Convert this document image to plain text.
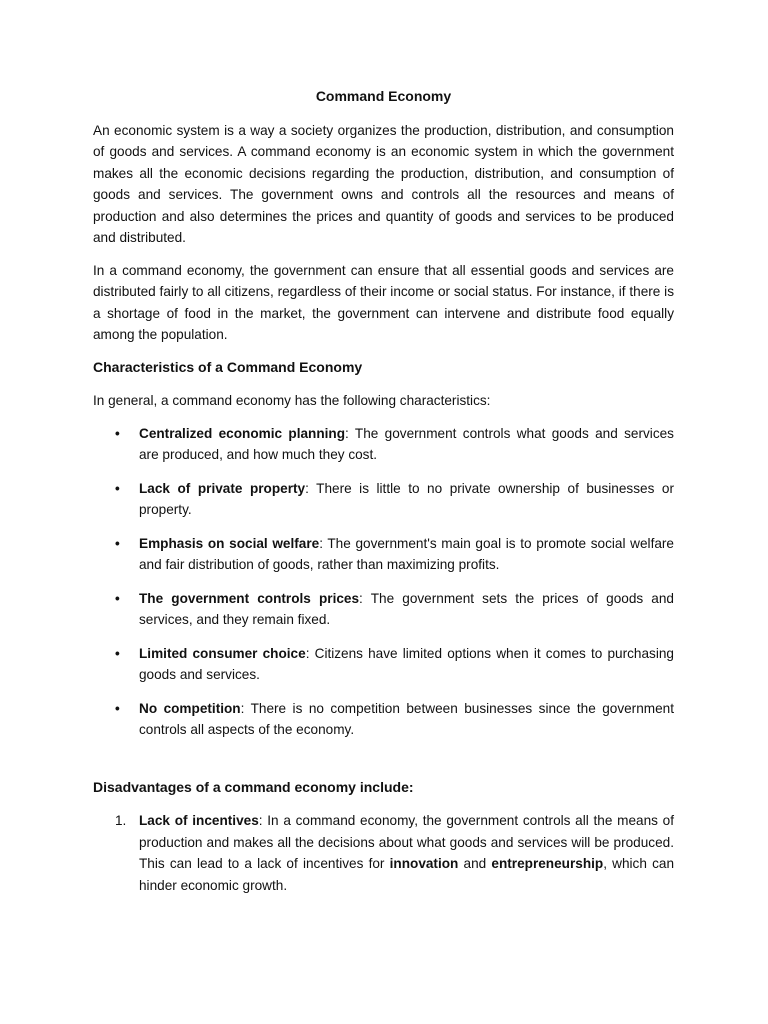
Command Economy

An economic system is a way a society organizes the production, distribution, and consumption of goods and services. A command economy is an economic system in which the government makes all the economic decisions regarding the production, distribution, and consumption of goods and services. The government owns and controls all the resources and means of production and also determines the prices and quantity of goods and services to be produced and distributed.

In a command economy, the government can ensure that all essential goods and services are distributed fairly to all citizens, regardless of their income or social status. For instance, if there is a shortage of food in the market, the government can intervene and distribute food equally among the population.

Characteristics of a Command Economy

In general, a command economy has the following characteristics:

• Centralized economic planning: The government controls what goods and services are produced, and how much they cost.
• Lack of private property: There is little to no private ownership of businesses or property.
• Emphasis on social welfare: The government's main goal is to promote social welfare and fair distribution of goods, rather than maximizing profits.
• The government controls prices: The government sets the prices of goods and services, and they remain fixed.
• Limited consumer choice: Citizens have limited options when it comes to purchasing goods and services.
• No competition: There is no competition between businesses since the government controls all aspects of the economy.
Disadvantages of a command economy include:
1. Lack of incentives: In a command economy, the government controls all the means of production and makes all the decisions about what goods and services will be produced. This can lead to a lack of incentives for innovation and entrepreneurship, which can hinder economic growth.
